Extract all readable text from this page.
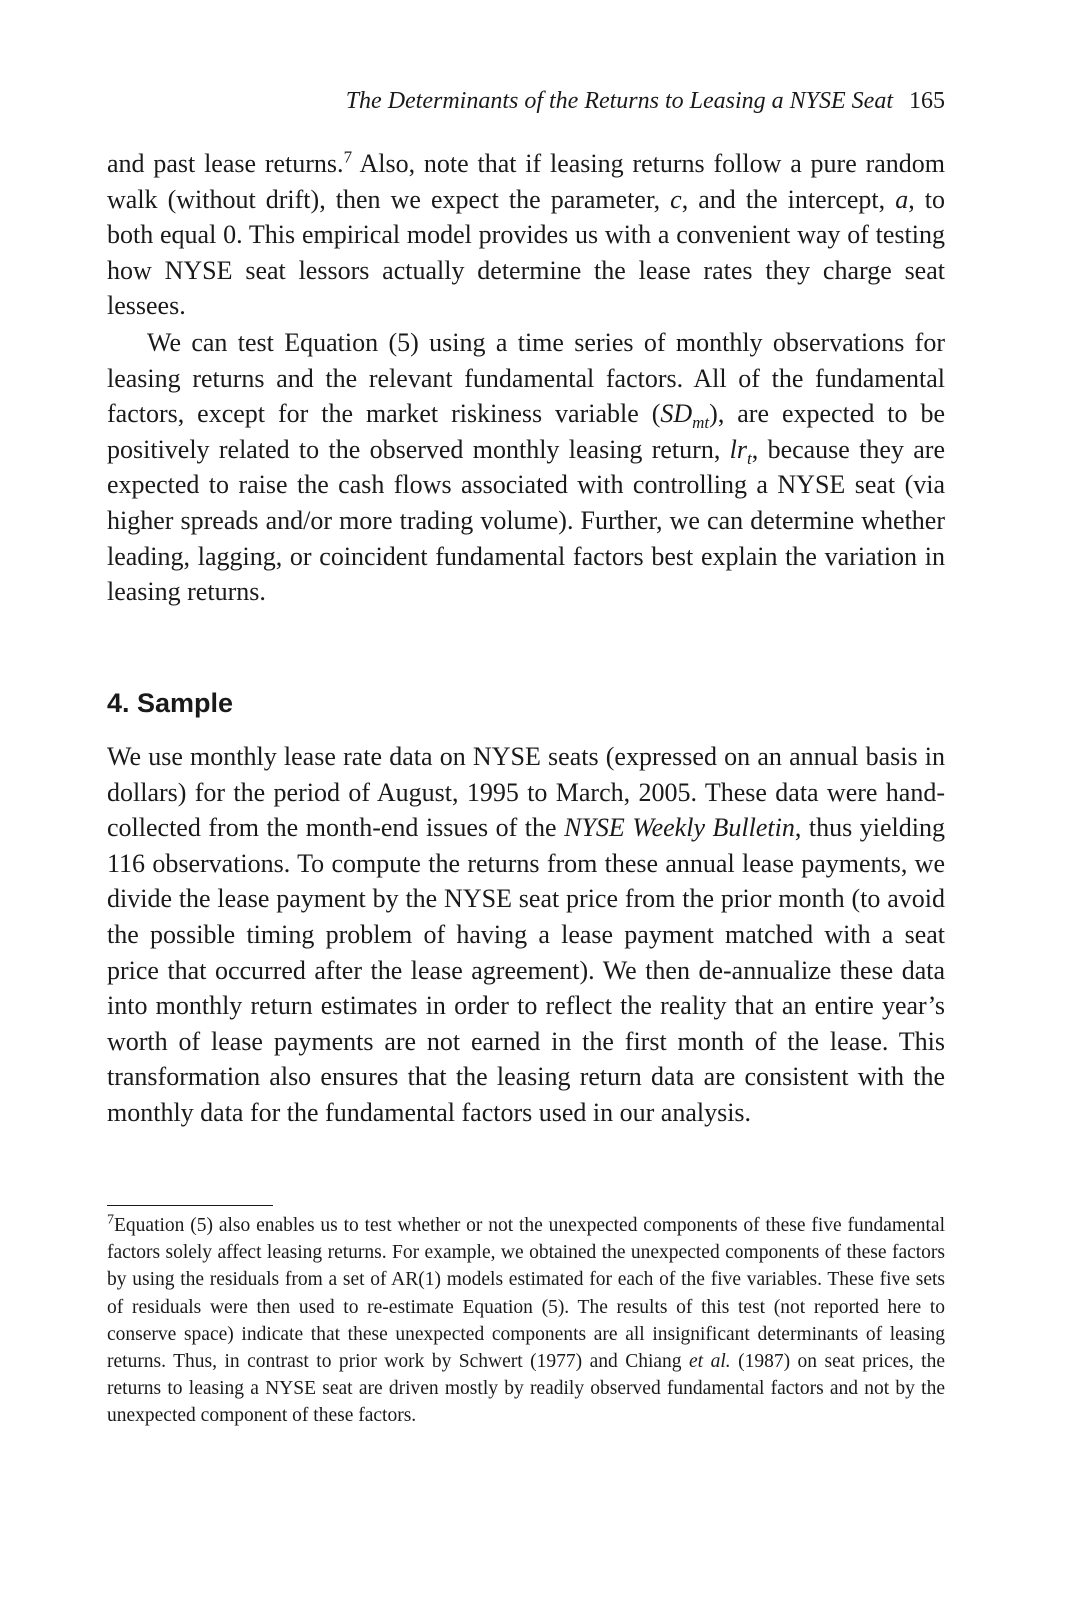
The Determinants of the Returns to Leasing a NYSE Seat 165

and past lease returns.$^7$ Also, note that if leasing returns follow a pure random walk (without drift), then we expect the parameter, c, and the intercept, a, to both equal 0. This empirical model provides us with a convenient way of testing how NYSE seat lessors actually determine the lease rates they charge seat lessees.

We can test Equation (5) using a time series of monthly observations for leasing returns and the relevant fundamental factors. All of the fundamental factors, except for the market riskiness variable $(SD_{mt})$, are expected to be positively related to the observed monthly leasing return, $lr_t$, because they are expected to raise the cash flows associated with controlling a NYSE seat (via higher spreads and/or more trading volume). Further, we can determine whether leading, lagging, or coincident fundamental factors best explain the variation in leasing returns.

4. Sample

We use monthly lease rate data on NYSE seats (expressed on an annual basis in dollars) for the period of August, 1995 to March, 2005. These data were hand-collected from the month-end issues of the NYSE Weekly Bulletin, thus yielding 116 observations. To compute the returns from these annual lease payments, we divide the lease payment by the NYSE seat price from the prior month (to avoid the possible timing problem of having a lease payment matched with a seat price that occurred after the lease agreement). We then de-annualize these data into monthly return estimates in order to reflect the reality that an entire year’s worth of lease payments are not earned in the first month of the lease. This transformation also ensures that the leasing return data are consistent with the monthly data for the fundamental factors used in our analysis.

$^7$Equation (5) also enables us to test whether or not the unexpected components of these five fundamental factors solely affect leasing returns. For example, we obtained the unexpected components of these factors by using the residuals from a set of AR(1) models estimated for each of the five variables. These five sets of residuals were then used to re-estimate Equation (5). The results of this test (not reported here to conserve space) indicate that these unexpected components are all insignificant determinants of leasing returns. Thus, in contrast to prior work by Schwert (1977) and Chiang et al. (1987) on seat prices, the returns to leasing a NYSE seat are driven mostly by readily observed fundamental factors and not by the unexpected component of these factors.
